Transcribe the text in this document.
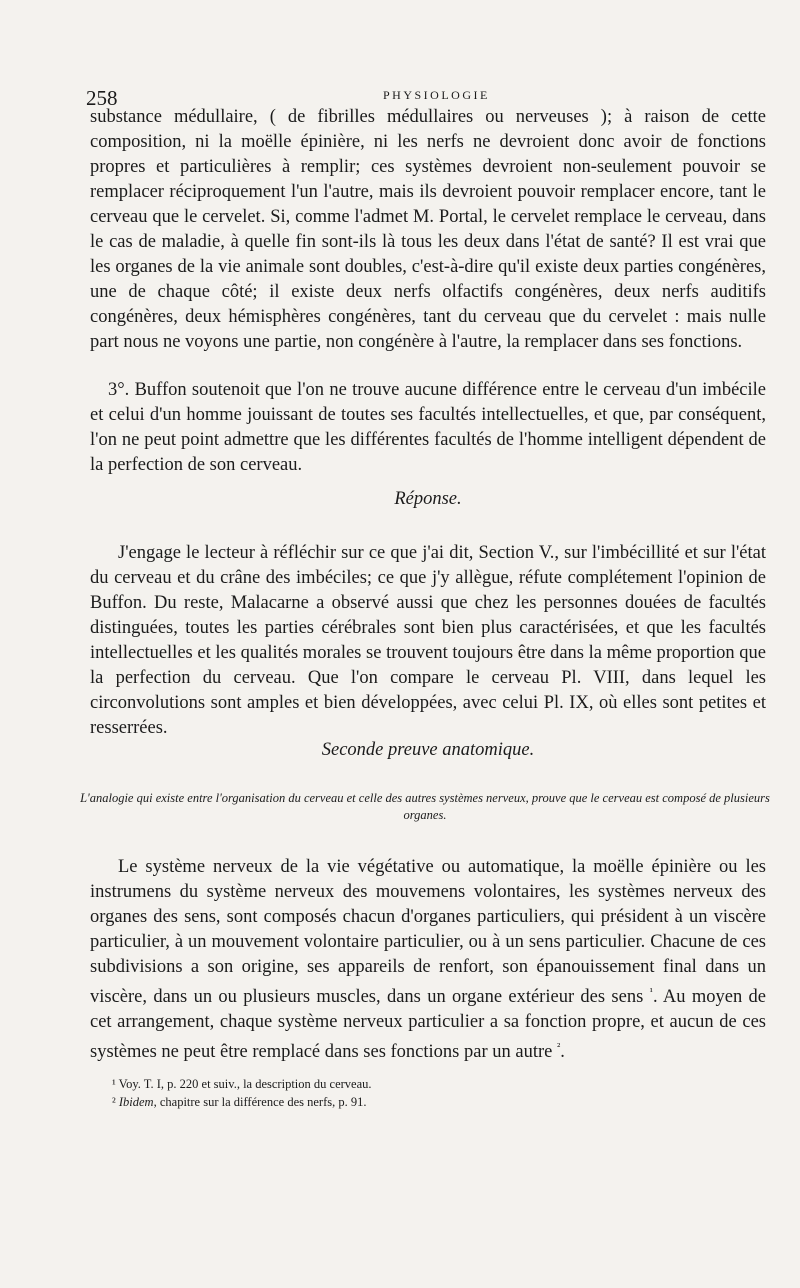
258	PHYSIOLOGIE

substance médullaire, ( de fibrilles médullaires ou nerveuses ); à raison de cette composition, ni la moëlle épinière, ni les nerfs ne devroient donc avoir de fonctions propres et particulières à remplir; ces systèmes devroient non-seulement pouvoir se remplacer réciproquement l'un l'autre, mais ils devroient pouvoir remplacer encore, tant le cerveau que le cervelet. Si, comme l'admet M. Portal, le cervelet remplace le cerveau, dans le cas de maladie, à quelle fin sont-ils là tous les deux dans l'état de santé? Il est vrai que les organes de la vie animale sont doubles, c'est-à-dire qu'il existe deux parties congénères, une de chaque côté; il existe deux nerfs olfactifs congénères, deux nerfs auditifs congénères, deux hémisphères congénères, tant du cerveau que du cervelet : mais nulle part nous ne voyons une partie, non congénère à l'autre, la remplacer dans ses fonctions.

3°. Buffon soutenoit que l'on ne trouve aucune différence entre le cerveau d'un imbécile et celui d'un homme jouissant de toutes ses facultés intellectuelles, et que, par conséquent, l'on ne peut point admettre que les différentes facultés de l'homme intelligent dépendent de la perfection de son cerveau.

Réponse.

J'engage le lecteur à réfléchir sur ce que j'ai dit, Section V., sur l'imbécillité et sur l'état du cerveau et du crâne des imbéciles; ce que j'y allègue, réfute complétement l'opinion de Buffon. Du reste, Malacarne a observé aussi que chez les personnes douées de facultés distinguées, toutes les parties cérébrales sont bien plus caractérisées, et que les facultés intellectuelles et les qualités morales se trouvent toujours être dans la même proportion que la perfection du cerveau. Que l'on compare le cerveau Pl. VIII, dans lequel les circonvolutions sont amples et bien développées, avec celui Pl. IX, où elles sont petites et resserrées.

Seconde preuve anatomique.

L'analogie qui existe entre l'organisation du cerveau et celle des autres systèmes nerveux, prouve que le cerveau est composé de plusieurs organes.

Le système nerveux de la vie végétative ou automatique, la moëlle épinière ou les instrumens du système nerveux des mouvemens volontaires, les systèmes nerveux des organes des sens, sont composés chacun d'organes particuliers, qui président à un viscère particulier, à un mouvement volontaire particulier, ou à un sens particulier. Chacune de ces subdivisions a son origine, ses appareils de renfort, son épanouissement final dans un viscère, dans un ou plusieurs muscles, dans un organe extérieur des sens $^{^1}$. Au moyen de cet arrangement, chaque système nerveux particulier a sa fonction propre, et aucun de ces systèmes ne peut être remplacé dans ses fonctions par un autre $^{^2}$.

¹ Voy. T. I, p. 220 et suiv., la description du cerveau.

² Ibidem, chapitre sur la différence des nerfs, p. 91.
